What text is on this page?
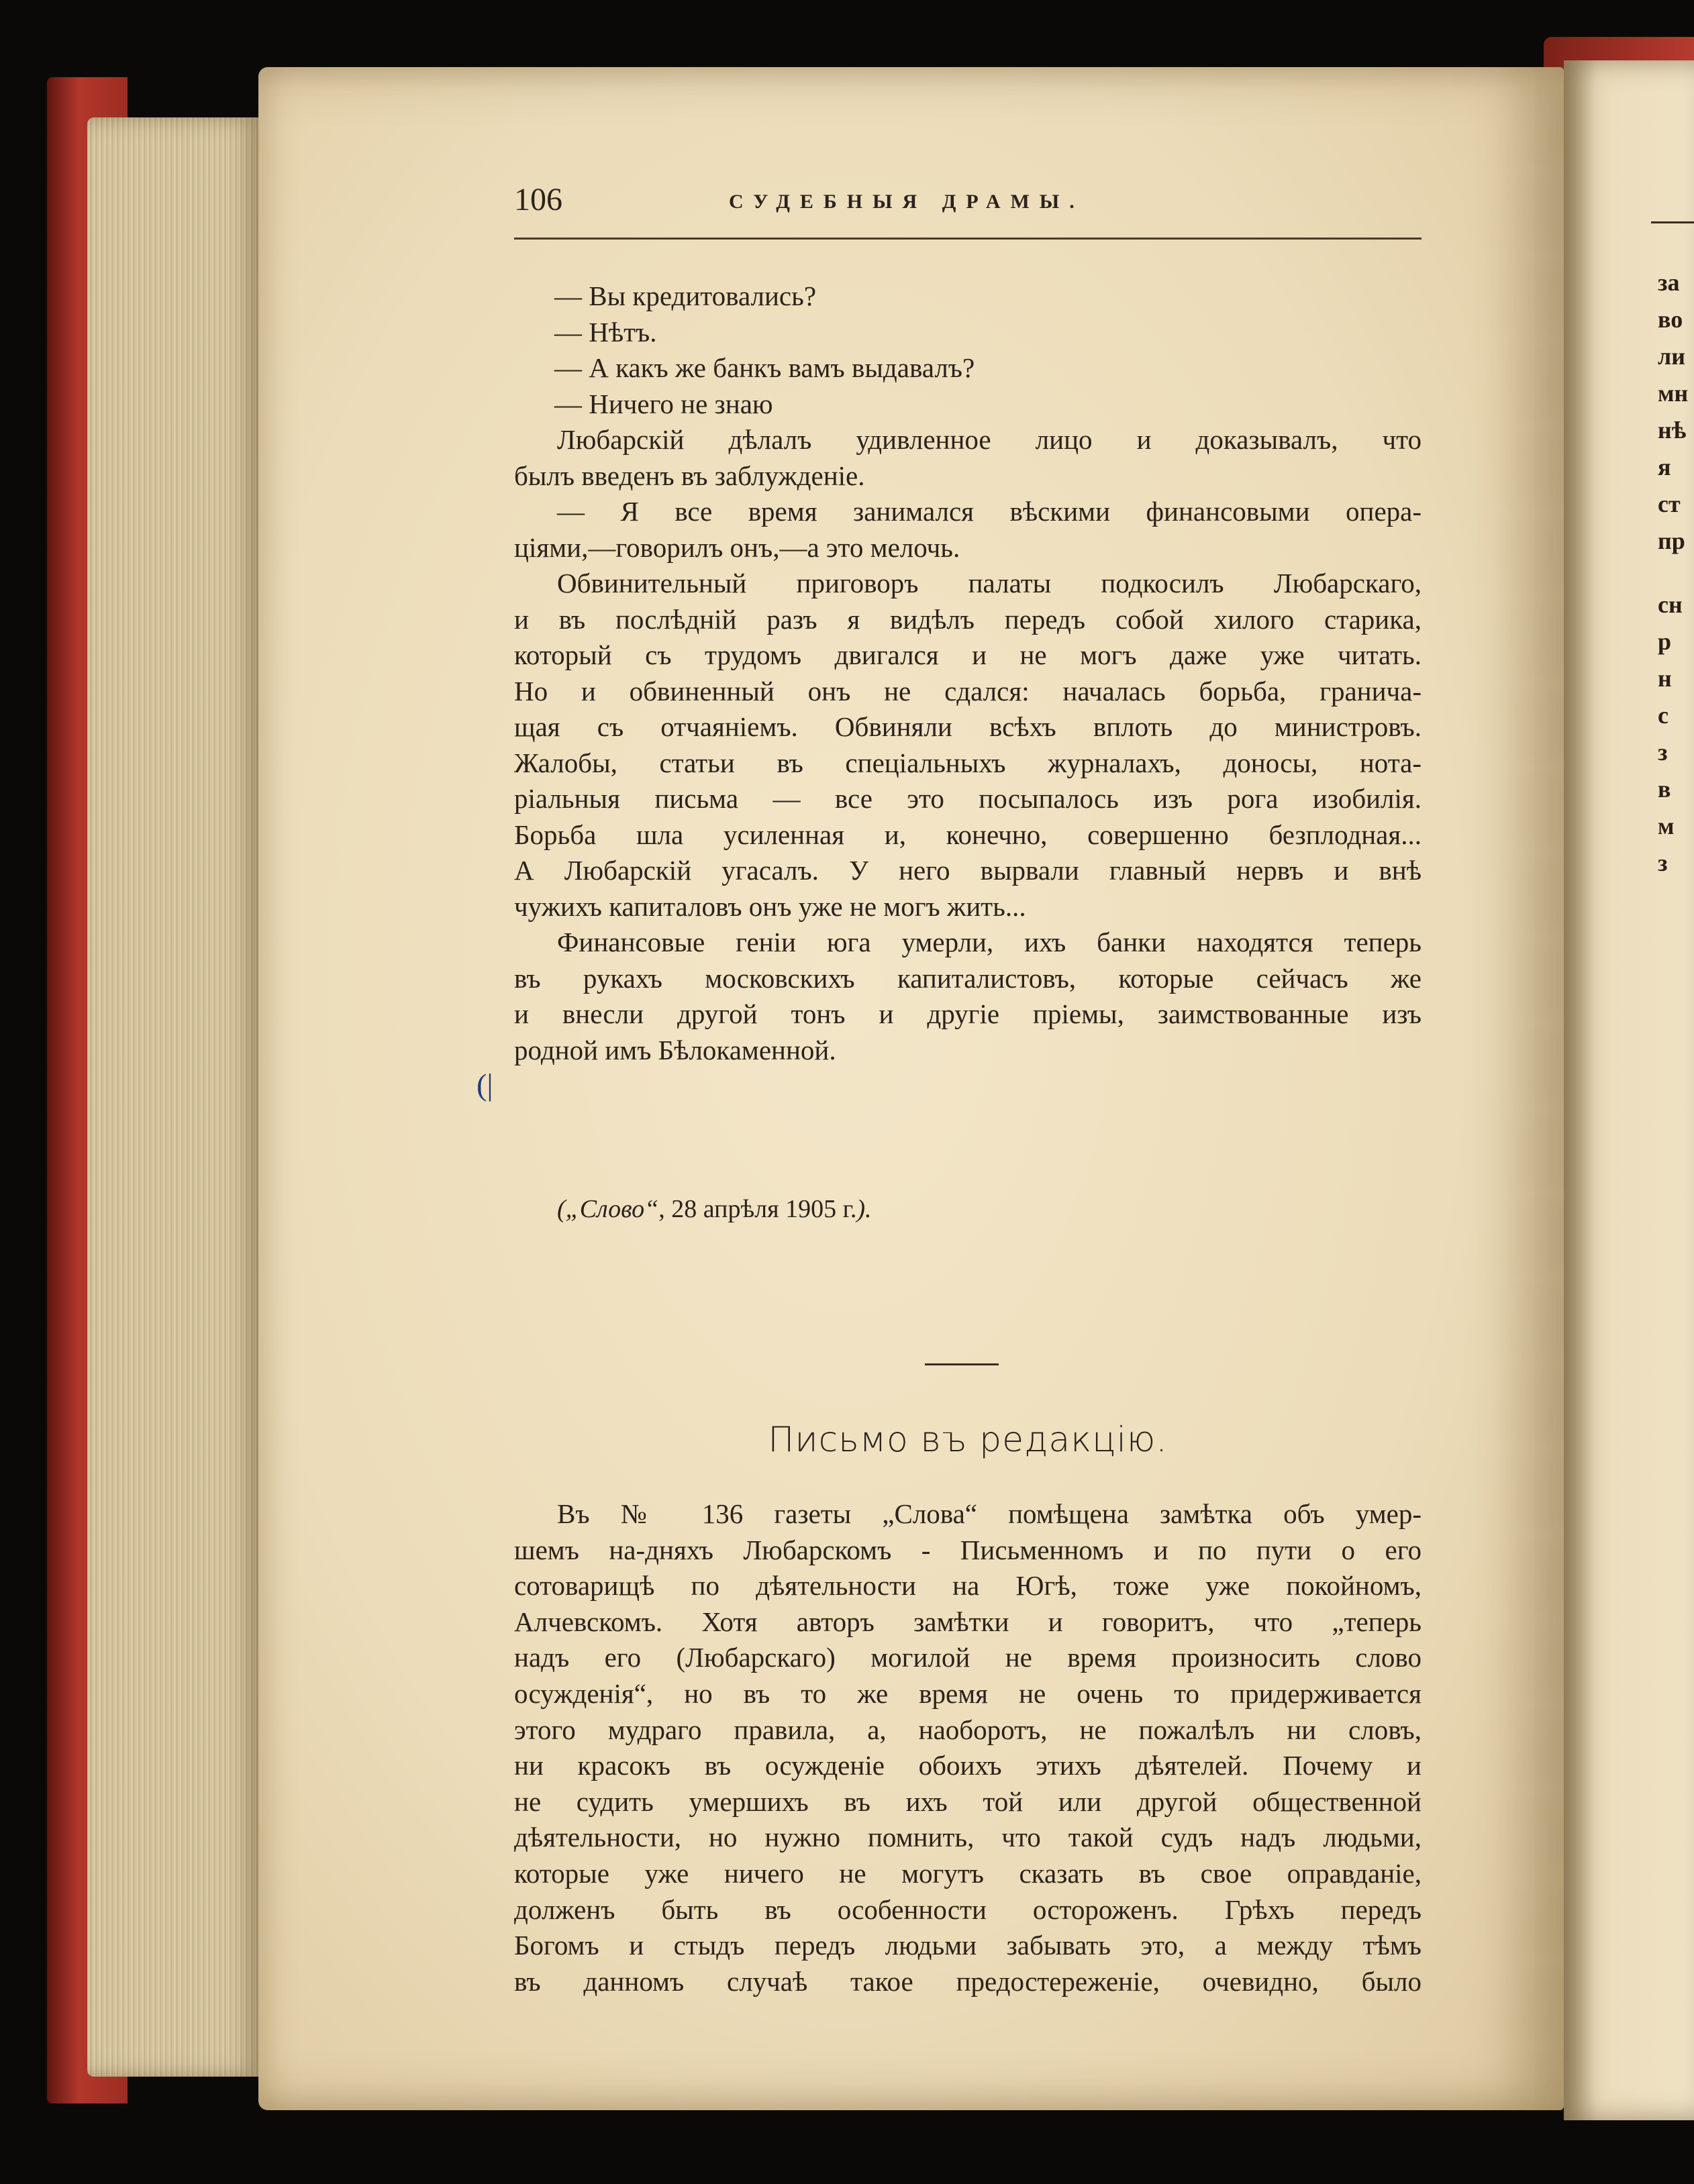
за
во
ли
мн
нѣ
я
ст
пр
сн
р
н
с
з
в
м
з
106	СУДЕБНЫЯ ДРАМЫ.
— Вы кредитовались?
— Нѣтъ.
— А какъ же банкъ вамъ выдавалъ?
— Ничего не знаю
Любарскій дѣлалъ удивленное лицо и доказывалъ, что
былъ введенъ въ заблужденіе.
— Я все время занимался вѣскими финансовыми опера-
ціями,—говорилъ онъ,—а это мелочь.
Обвинительный приговоръ палаты подкосилъ Любарскаго,
и въ послѣдній разъ я видѣлъ передъ собой хилого старика,
который съ трудомъ двигался и не могъ даже уже читать.
Но и обвиненный онъ не сдался: началась борьба, гранича-
щая съ отчаяніемъ. Обвиняли всѣхъ вплоть до министровъ.
Жалобы, статьи въ спеціальныхъ журналахъ, доносы, нота-
ріальныя письма — все это посыпалось изъ рога изобилія.
Борьба шла усиленная и, конечно, совершенно безплодная...
А Любарскій угасалъ. У него вырвали главный нервъ и внѣ
чужихъ капиталовъ онъ уже не могъ жить...
Финансовые геніи юга умерли, ихъ банки находятся теперь
въ рукахъ московскихъ капиталистовъ, которые сейчасъ же
и внесли другой тонъ и другіе пріемы, заимствованные изъ
родной имъ Бѣлокаменной.
(|
(„Слово“, 28 апрѣля 1905 г.).
Письмо въ редакцію.
Въ № 136 газеты „Слова“ помѣщена замѣтка объ умер-
шемъ на-дняхъ Любарскомъ - Письменномъ и по пути о его
сотоварищѣ по дѣятельности на Югѣ, тоже уже покойномъ,
Алчевскомъ. Хотя авторъ замѣтки и говоритъ, что „теперь
надъ его (Любарскаго) могилой не время произносить слово
осужденія“, но въ то же время не очень то придерживается
этого мудраго правила, а, наоборотъ, не пожалѣлъ ни словъ,
ни красокъ въ осужденіе обоихъ этихъ дѣятелей. Почему и
не судить умершихъ въ ихъ той или другой общественной
дѣятельности, но нужно помнить, что такой судъ надъ людьми,
которые уже ничего не могутъ сказать въ свое оправданіе,
долженъ быть въ особенности остороженъ. Грѣхъ передъ
Богомъ и стыдъ передъ людьми забывать это, а между тѣмъ
въ данномъ случаѣ такое предостереженіе, очевидно, было
